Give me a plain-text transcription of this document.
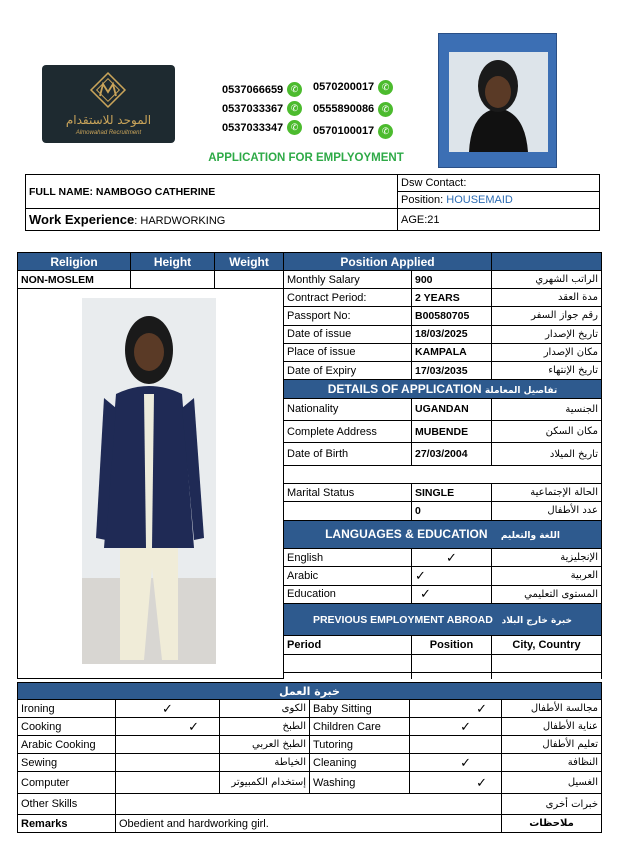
الموحد للاستقدام
Almowahad Recruitment
0537066659 ✆
0537033367 ✆
0537033347 ✆
0570200017 ✆
0555890086 ✆
0570100017 ✆
APPLICATION FOR EMPLYOYMENT
FULL NAME: NAMBOGO CATHERINE	Dsw Contact:
	Position: HOUSEMAID
Work Experience: HARDWORKING	AGE:21
Religion	Height	Weight	Position Applied		
NON-MOSLEM			Monthly Salary	900	الراتب الشهري

	Contract Period:	2 YEARS	مدة العقد
			Passport No:	B00580705	رقم جواز السفر
			Date of issue	18/03/2025	تاريخ الإصدار
			Place of issue	KAMPALA	مكان الإصدار
			Date of Expiry	17/03/2035	تاريخ الإنتهاء
			DETAILS OF APPLICATION تفاصيل المعاملة		
			Nationality	UGANDAN	الجنسية
			Complete Address	MUBENDE	مكان السكن
			Date of Birth	27/03/2004	تاريخ الميلاد

			Marital Status	SINGLE	الحالة الإجتماعية
				0	عدد الأطفال
			LANGUAGES & EDUCATION اللغة والتعليم		
			English	✓	الإنجليزية
			Arabic	✓	العربية
			Education	✓	المستوى التعليمي
			PREVIOUS EMPLOYMENT ABROAD خبرة خارج البلاد		
			Period	Position	City, Country

خبرة العمل					
Ironing	✓	الكوى	Baby Sitting	✓	مجالسة الأطفال
Cooking	✓	الطبخ	Children Care	✓	عناية الأطفال
Arabic Cooking		الطبخ العربي	Tutoring		تعليم الأطفال
Sewing		الخياطة	Cleaning	✓	النظافة
Computer		إستخدام الكمبيوتر	Washing	✓	الغسيل
Other Skills					خبرات أخرى
Remarks	Obedient and hardworking girl.				ملاحظات
